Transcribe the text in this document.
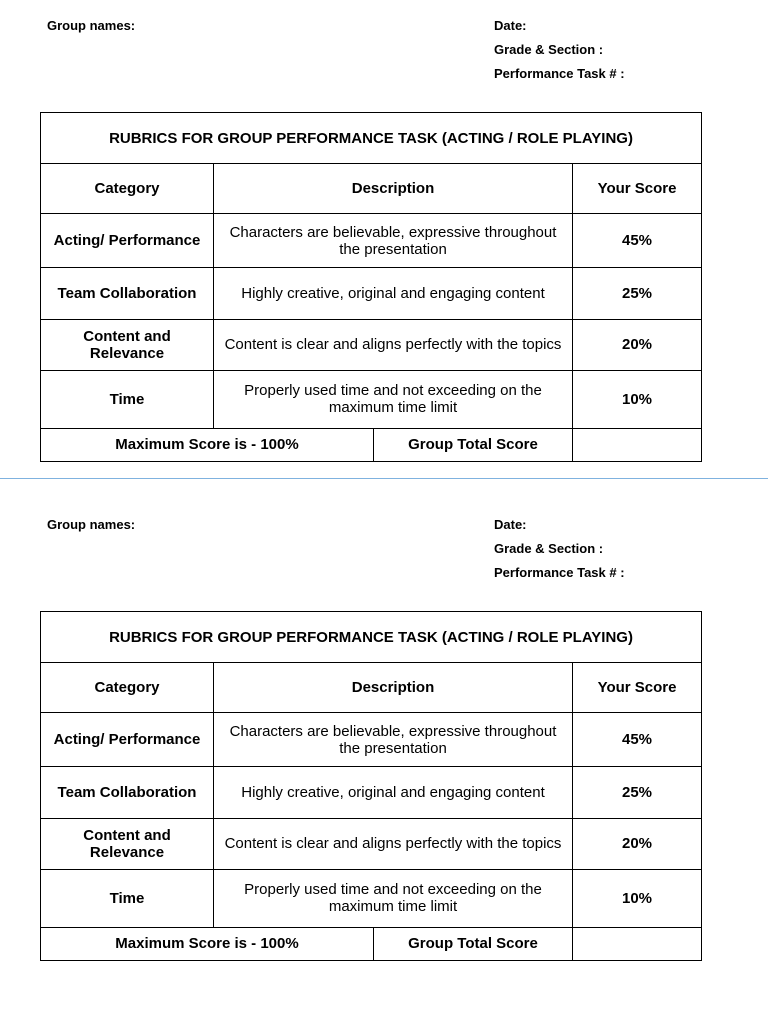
Group names:	Date:
Grade & Section :
Performance Task # :
RUBRICS FOR GROUP PERFORMANCE TASK (ACTING / ROLE PLAYING)			
Category	Description		Your Score
Acting/ Performance	Characters are believable, expressive throughout the presentation		45%
Team Collaboration	Highly creative, original and engaging content		25%
Content and Relevance	Content is clear and aligns perfectly with the topics		20%
Time	Properly used time and not exceeding on the maximum time limit		10%
Maximum Score is - 100%		Group Total Score	
Group names:	Date:
Grade & Section :
Performance Task # :
RUBRICS FOR GROUP PERFORMANCE TASK (ACTING / ROLE PLAYING)			
Category	Description		Your Score
Acting/ Performance	Characters are believable, expressive throughout the presentation		45%
Team Collaboration	Highly creative, original and engaging content		25%
Content and Relevance	Content is clear and aligns perfectly with the topics		20%
Time	Properly used time and not exceeding on the maximum time limit		10%
Maximum Score is - 100%		Group Total Score	
